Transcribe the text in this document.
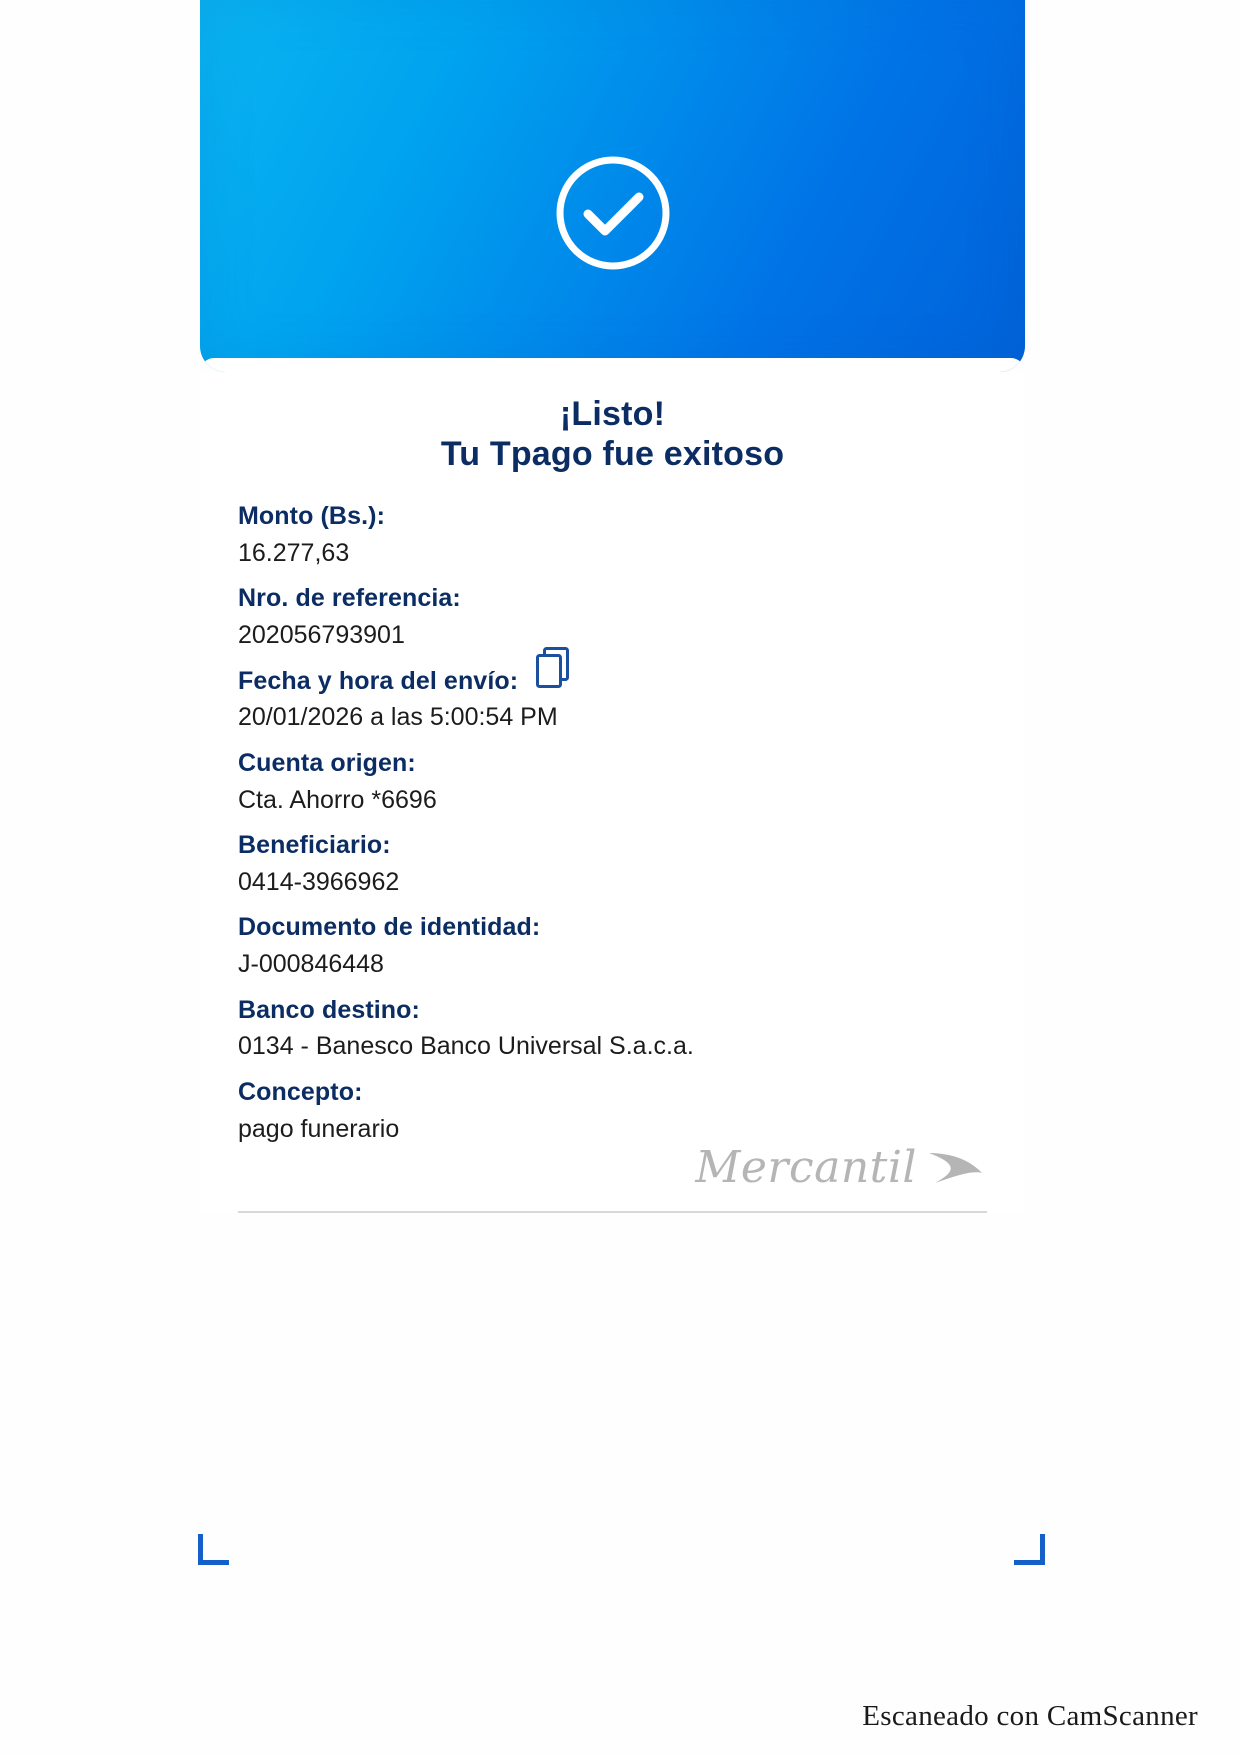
¡Listo!
Tu Tpago fue exitoso
Monto (Bs.):
16.277,63
Nro. de referencia:
202056793901
Fecha y hora del envío:
20/01/2026 a las 5:00:54 PM
Cuenta origen:
Cta. Ahorro *6696
Beneficiario:
0414-3966962
Documento de identidad:
J-000846448
Banco destino:
0134 - Banesco Banco Universal S.a.c.a.
Concepto:
pago funerario
Mercantil
Escaneado con CamScanner
